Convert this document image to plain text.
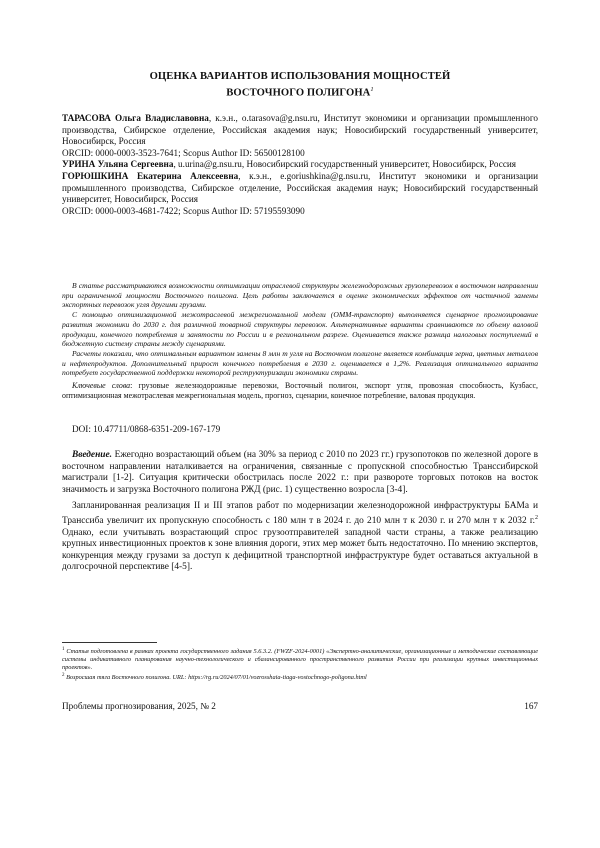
ОЦЕНКА ВАРИАНТОВ ИСПОЛЬЗОВАНИЯ МОЩНОСТЕЙ
ВОСТОЧНОГО ПОЛИГОНА$^1$

ТАРАСОВА Ольга Владиславовна, к.э.н., o.tarasova@g.nsu.ru, Институт экономики и организации промышленного производства, Сибирское отделение, Российская академия наук; Новосибирский государственный университет, Новосибирск, Россия

ORCID: 0000-0003-3523-7641; Scopus Author ID: 56500128100

УРИНА Ульяна Сергеевна, u.urina@g.nsu.ru, Новосибирский государственный университет, Новосибирск, Россия

ГОРЮШКИНА Екатерина Алексеевна, к.э.н., e.goriushkina@g.nsu.ru, Институт экономики и организации промышленного производства, Сибирское отделение, Российская академия наук; Новосибирский государственный университет, Новосибирск, Россия

ORCID: 0000-0003-4681-7422; Scopus Author ID: 57195593090

В статье рассматриваются возможности оптимизации отраслевой структуры железнодорожных грузоперевозок в восточном направлении при ограниченной мощности Восточного полигона. Цель работы заключается в оценке экономических эффектов от частичной замены экспортных перевозок угля другими грузами.

С помощью оптимизационной межотраслевой межрегиональной модели (ОММ-транспорт) выполняется сценарное прогнозирование развития экономики до 2030 г. для различной товарной структуры перевозок. Альтернативные варианты сравниваются по объему валовой продукции, конечного потребления и занятости по России и в региональном разрезе. Оценивается также разница налоговых поступлений в бюджетную систему страны между сценариями.

Расчеты показали, что оптимальным вариантом замены 8 млн т угля на Восточном полигоне является комбинация зерна, цветных металлов и нефтепродуктов. Дополнительный прирост конечного потребления в 2030 г. оценивается в 1,2%. Реализация оптимального варианта потребует государственной поддержки некоторой реструктуризации экономики страны.

Ключевые слова: грузовые железнодорожные перевозки, Восточный полигон, экспорт угля, провозная способность, Кузбасс, оптимизационная межотраслевая межрегиональная модель, прогноз, сценарии, конечное потребление, валовая продукция.

DOI: 10.47711/0868-6351-209-167-179

Введение. Ежегодно возрастающий объем (на 30% за период с 2010 по 2023 гг.) грузопотоков по железной дороге в восточном направлении наталкивается на ограничения, связанные с пропускной способностью Транссибирской магистрали [1-2]. Ситуация критически обострилась после 2022 г.: при развороте торговых потоков на восток значимость и загрузка Восточного полигона РЖД (рис. 1) существенно возросла [3-4].

Запланированная реализация II и III этапов работ по модернизации железнодорожной инфраструктуры БАМа и Транссиба увеличит их пропускную способность с 180 млн т в 2024 г. до 210 млн т к 2030 г. и 270 млн т к 2032 г.$^2$ Однако, если учитывать возрастающий спрос грузоотправителей западной части страны, а также реализацию крупных инвестиционных проектов к зоне влияния дороги, этих мер может быть недостаточно. По мнению экспертов, конкуренция между грузами за доступ к дефицитной транспортной инфраструктуре будет оставаться актуальной в долгосрочной перспективе [4-5].

$^1$ Статья подготовлена в рамках проекта государственного задания 5.6.3.2. (FWZF-2024-0001) «Экспертно-аналитические, организационные и методические составляющие системы индикативного планирования научно-технологического и сбалансированного пространственного развития России при реализации крупных инвестиционных проектов».

$^2$ Возросшая тяга Восточного полигона. URL: https://rg.ru/2024/07/01/vozrosshaia-tiaga-vostochnogo-poligona.html

Проблемы прогнозирования, 2025, № 2	167
